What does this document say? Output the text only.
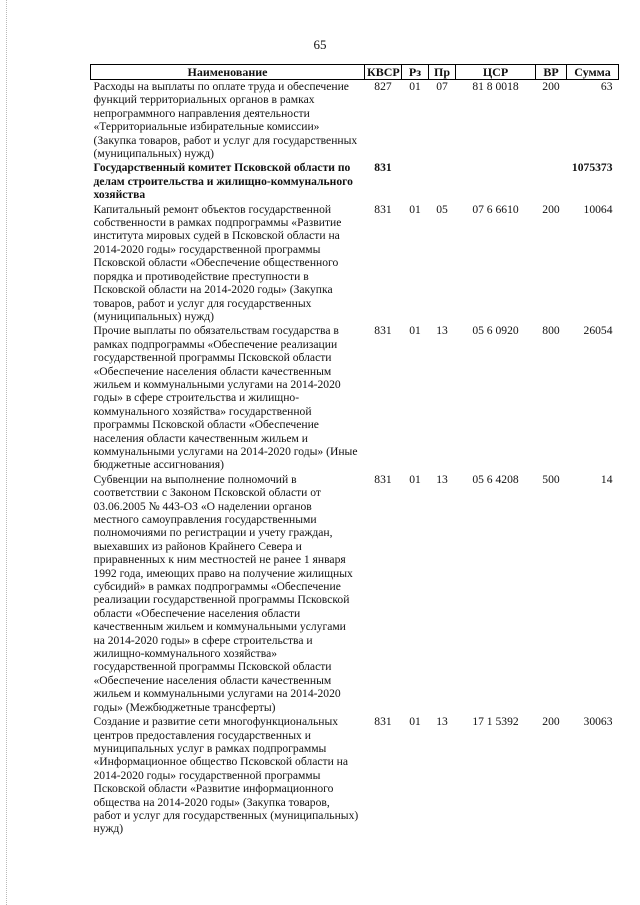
65
Наименование	КВСР	Рз	Пр	ЦСР	ВР	Сумма
Расходы на выплаты по оплате труда и обеспечение функций территориальных органов в рамках непрограммного направления деятельности «Территориальные избирательные комиссии» (Закупка товаров, работ и услуг для государственных (муниципальных) нужд)	827	01	07	81 8 0018	200	63
Государственный комитет Псковской области по делам строительства и жилищно-коммунального хозяйства	831					1075373
Капитальный ремонт объектов государственной собственности в рамках подпрограммы «Развитие института мировых судей в Псковской области на 2014-2020 годы» государственной программы Псковской области «Обеспечение общественного порядка и противодействие преступности в Псковской области на 2014-2020 годы» (Закупка товаров, работ и услуг для государственных (муниципальных) нужд)	831	01	05	07 6 6610	200	10064
Прочие выплаты по обязательствам государства в рамках подпрограммы «Обеспечение реализации государственной программы Псковской области «Обеспечение населения области качественным жильем и коммунальными услугами на 2014-2020 годы» в сфере строительства и жилищно-коммунального хозяйства» государственной программы Псковской области «Обеспечение населения области качественным жильем и коммунальными услугами на 2014-2020 годы» (Иные бюджетные ассигнования)	831	01	13	05 6 0920	800	26054
Субвенции на выполнение полномочий в соответствии с Законом Псковской области от 03.06.2005 № 443-ОЗ «О наделении органов местного самоуправления государственными полномочиями по регистрации и учету граждан, выехавших из районов Крайнего Севера и приравненных к ним местностей не ранее 1 января 1992 года, имеющих право на получение жилищных субсидий» в рамках подпрограммы «Обеспечение реализации государственной программы Псковской области «Обеспечение населения области качественным жильем и коммунальными услугами на 2014-2020 годы» в сфере строительства и жилищно-коммунального хозяйства» государственной программы Псковской области «Обеспечение населения области качественным жильем и коммунальными услугами на 2014-2020 годы» (Межбюджетные трансферты)	831	01	13	05 6 4208	500	14
Создание и развитие сети многофункциональных центров предоставления государственных и муниципальных услуг в рамках подпрограммы «Информационное общество Псковской области на 2014-2020 годы» государственной программы Псковской области «Развитие информационного общества на 2014-2020 годы» (Закупка товаров, работ и услуг для государственных (муниципальных) нужд)	831	01	13	17 1 5392	200	30063
